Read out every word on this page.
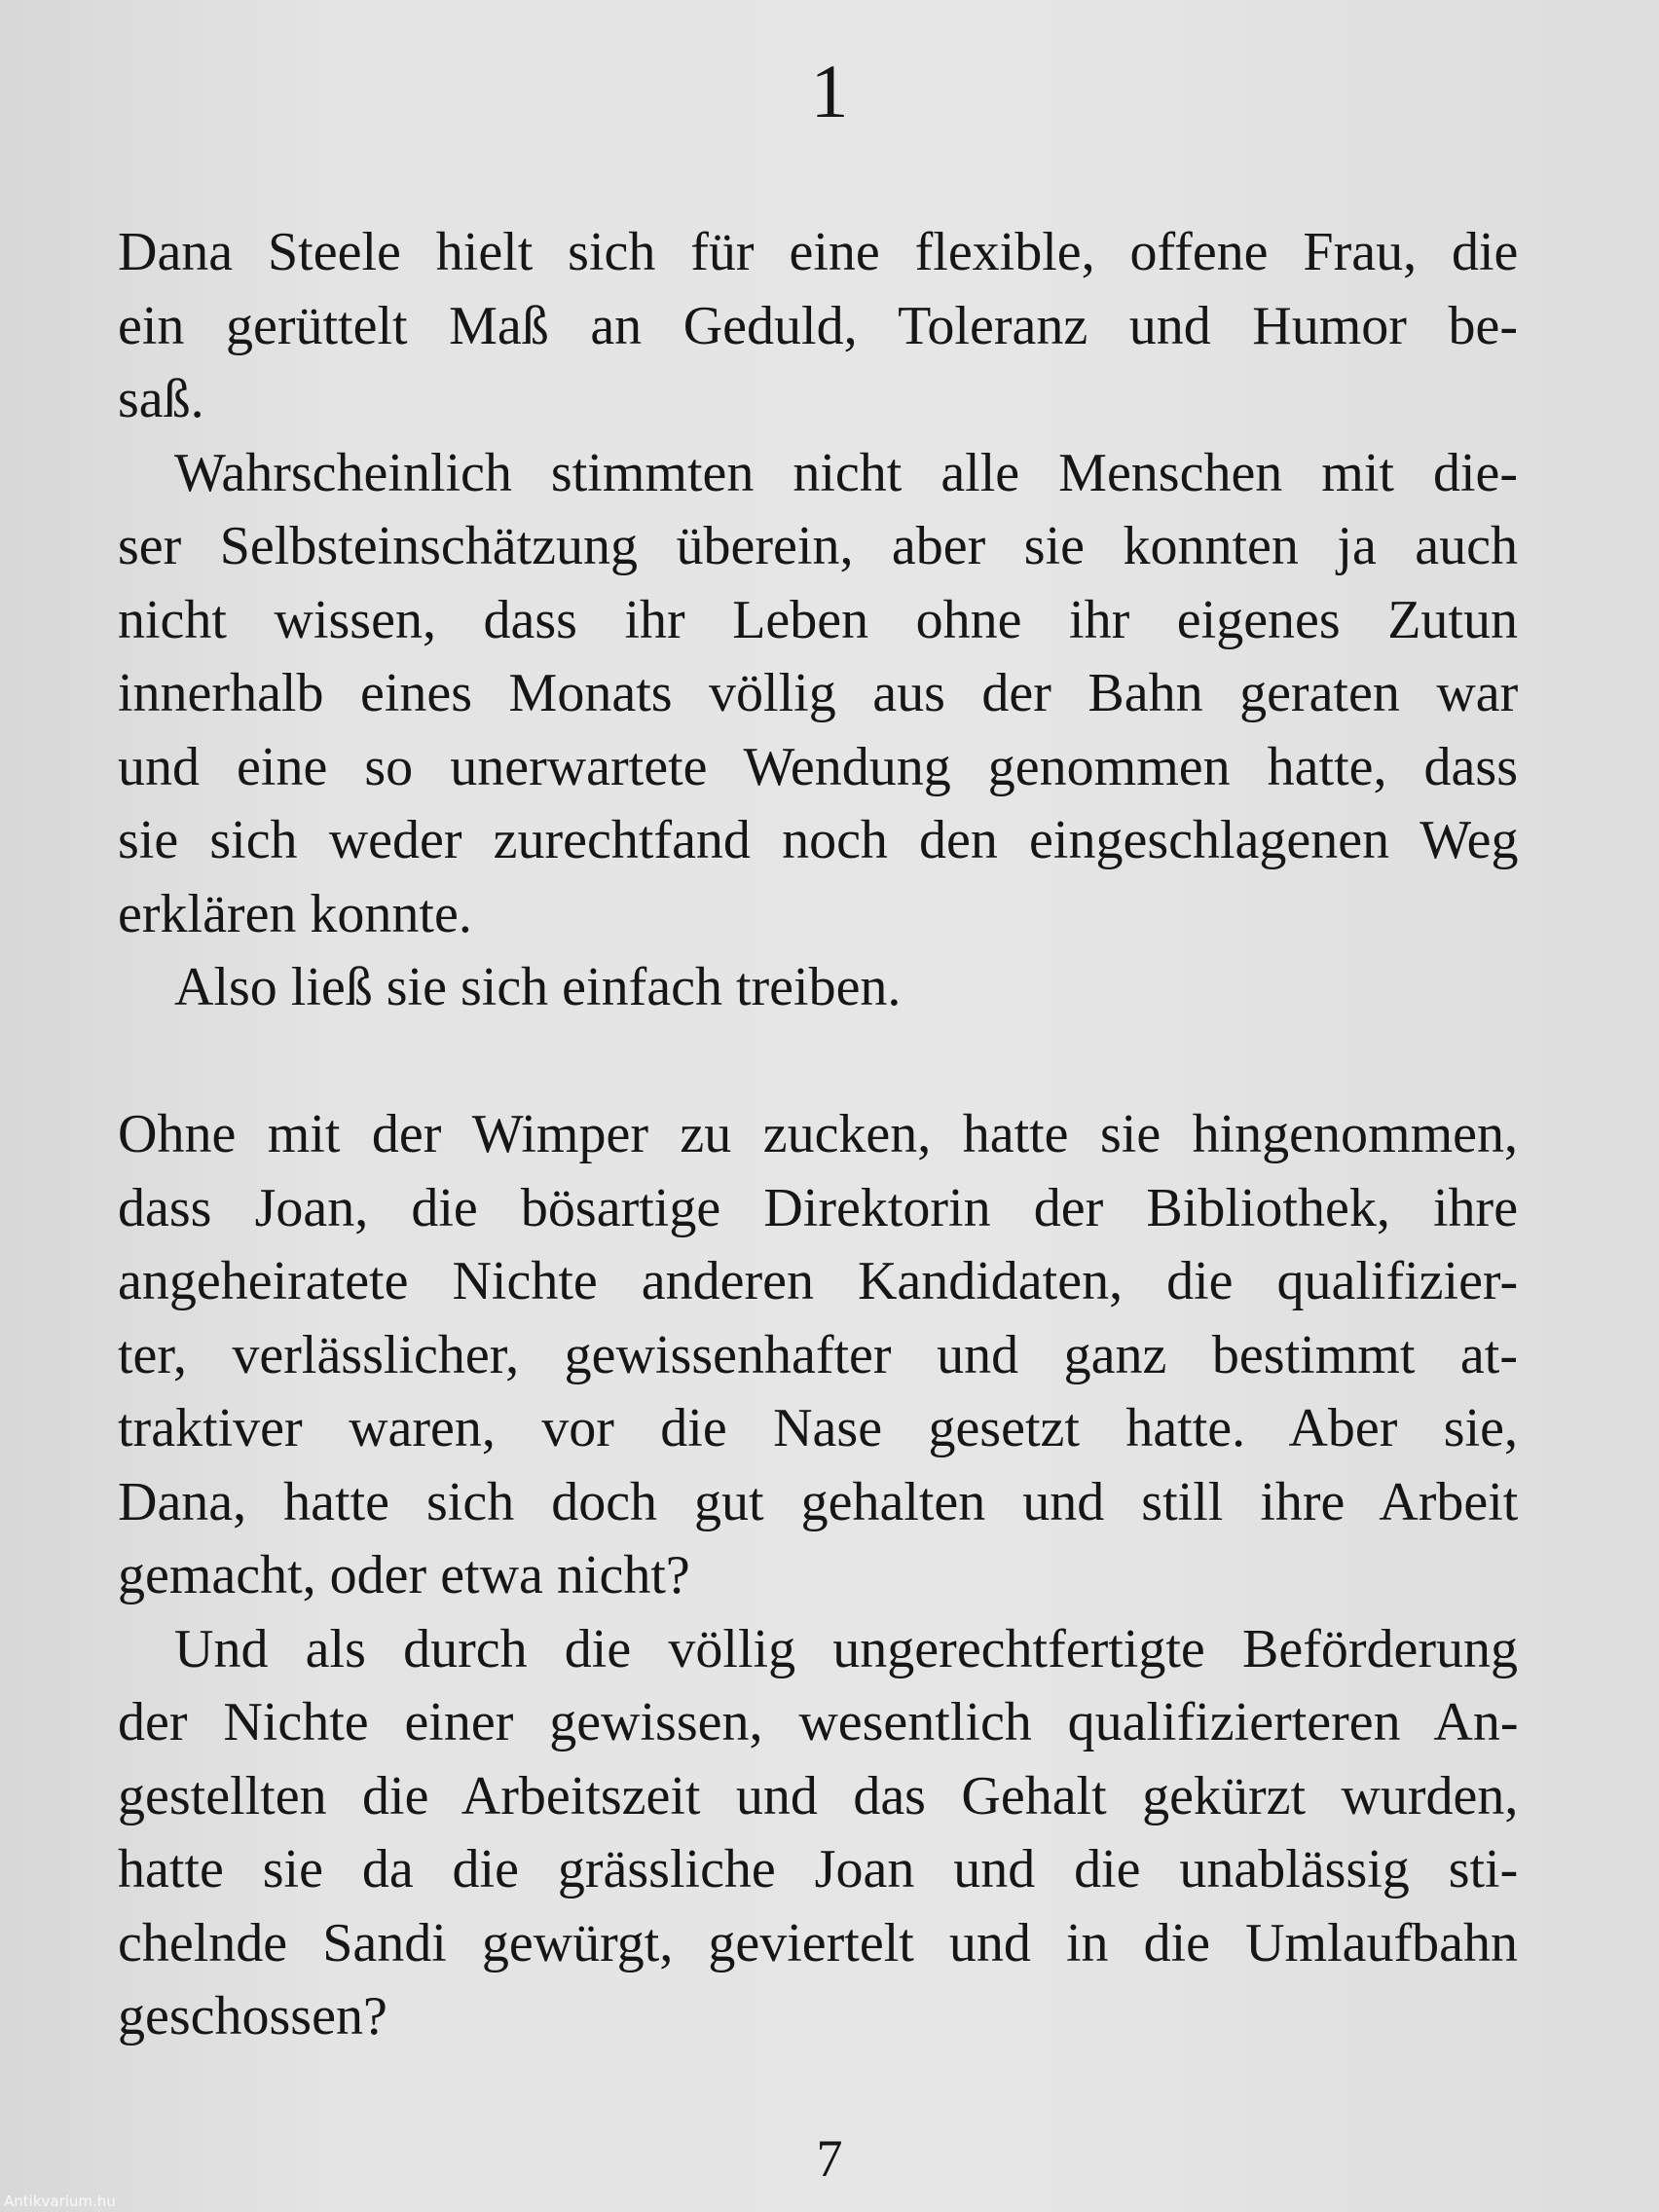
1
Dana Steele hielt sich für eine flexible, offene Frau, die
ein gerüttelt Maß an Geduld, Toleranz und Humor be-
saß.
Wahrscheinlich stimmten nicht alle Menschen mit die-
ser Selbsteinschätzung überein, aber sie konnten ja auch
nicht wissen, dass ihr Leben ohne ihr eigenes Zutun
innerhalb eines Monats völlig aus der Bahn geraten war
und eine so unerwartete Wendung genommen hatte, dass
sie sich weder zurechtfand noch den eingeschlagenen Weg
erklären konnte.
Also ließ sie sich einfach treiben.
Ohne mit der Wimper zu zucken, hatte sie hingenommen,
dass Joan, die bösartige Direktorin der Bibliothek, ihre
angeheiratete Nichte anderen Kandidaten, die qualifizier-
ter, verlässlicher, gewissenhafter und ganz bestimmt at-
traktiver waren, vor die Nase gesetzt hatte. Aber sie,
Dana, hatte sich doch gut gehalten und still ihre Arbeit
gemacht, oder etwa nicht?
Und als durch die völlig ungerechtfertigte Beförderung
der Nichte einer gewissen, wesentlich qualifizierteren An-
gestellten die Arbeitszeit und das Gehalt gekürzt wurden,
hatte sie da die grässliche Joan und die unablässig sti-
chelnde Sandi gewürgt, geviertelt und in die Umlaufbahn
geschossen?
7
Antikvarium.hu
